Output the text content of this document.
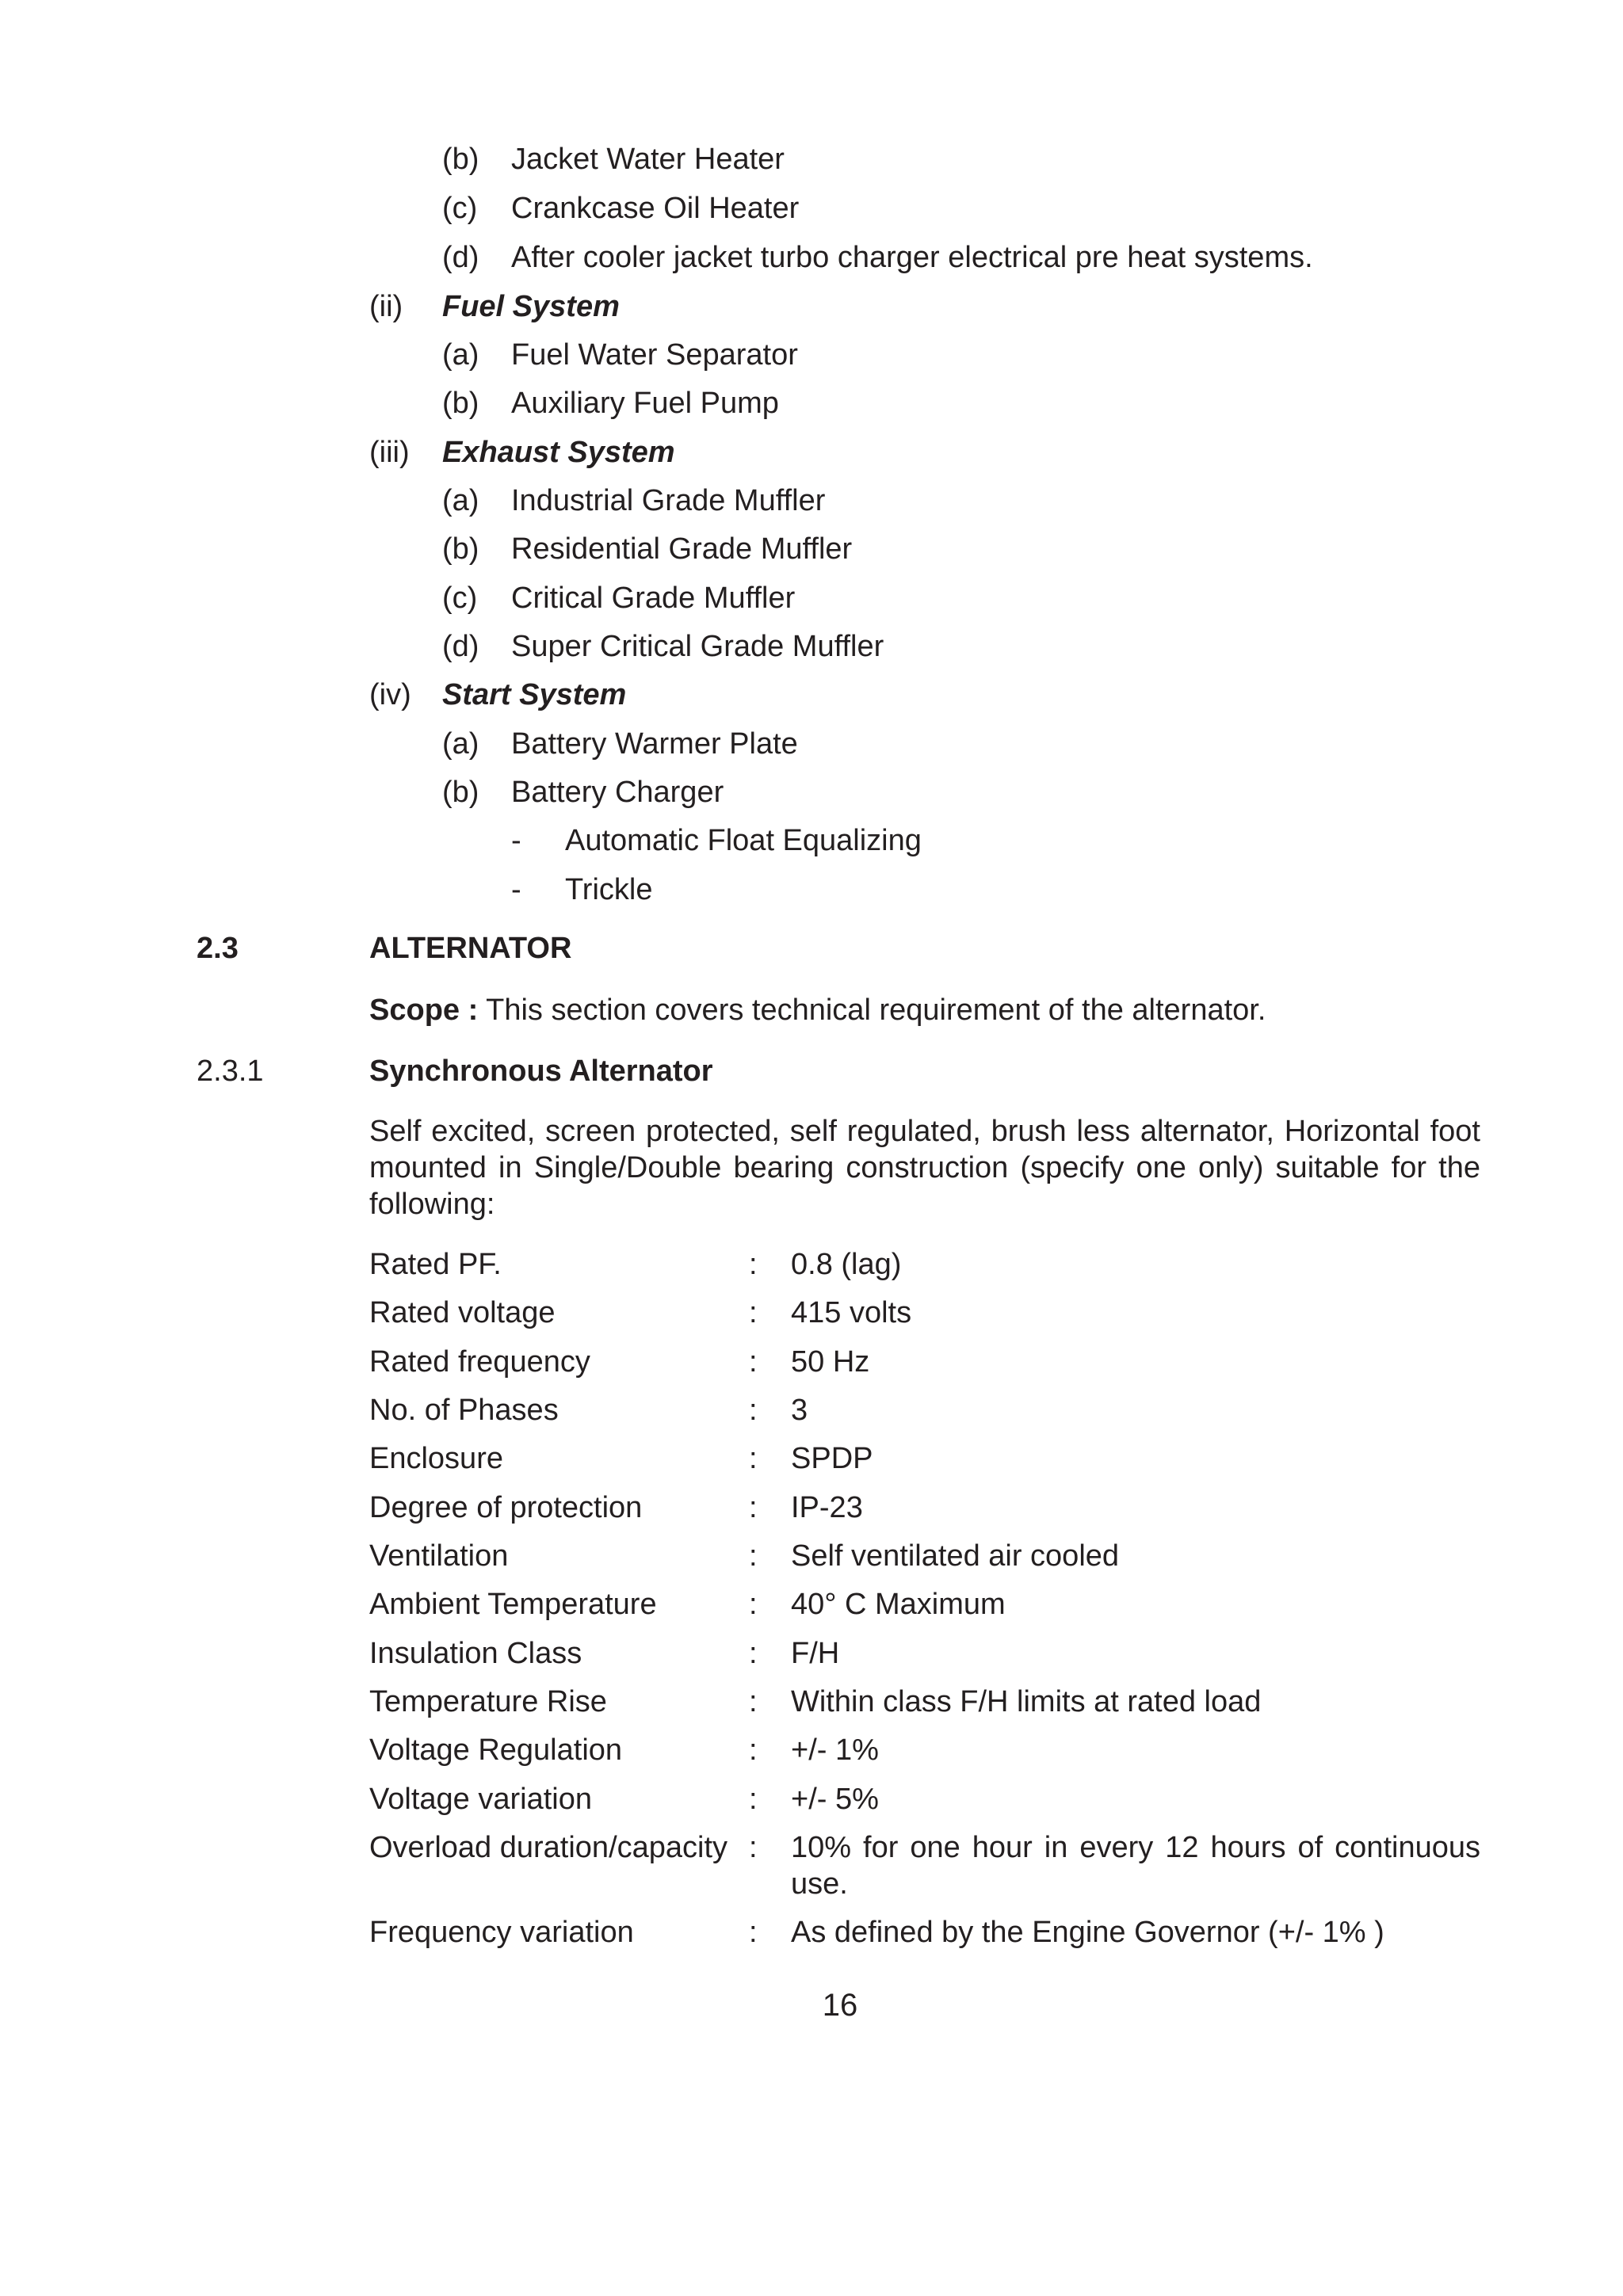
(b) Jacket Water Heater
(c) Crankcase Oil Heater
(d) After cooler jacket turbo charger electrical pre heat systems.
(ii) Fuel System
(a) Fuel Water Separator
(b) Auxiliary Fuel Pump
(iii) Exhaust System
(a) Industrial Grade Muffler
(b) Residential Grade Muffler
(c) Critical Grade Muffler
(d) Super Critical Grade Muffler
(iv) Start System
(a) Battery Warmer Plate
(b) Battery Charger
- Automatic Float Equalizing
- Trickle
2.3	ALTERNATOR
Scope : This section covers technical requirement of the alternator.
2.3.1	Synchronous Alternator
Self excited, screen protected, self regulated, brush less alternator, Horizontal foot mounted in Single/Double bearing construction (specify one only) suitable for the following:
Rated PF.	: 0.8 (lag)
Rated voltage	: 415 volts
Rated frequency	: 50 Hz
No. of Phases	: 3
Enclosure	: SPDP
Degree of protection	: IP-23
Ventilation	: Self ventilated air cooled
Ambient Temperature	: 40° C Maximum
Insulation Class	: F/H
Temperature Rise	: Within class F/H limits at rated load
Voltage Regulation	: +/- 1%
Voltage variation	: +/- 5%
Overload duration/capacity : 10% for one hour in every 12 hours of continuous use.
Frequency variation	: As defined by the Engine Governor (+/- 1% )
16
